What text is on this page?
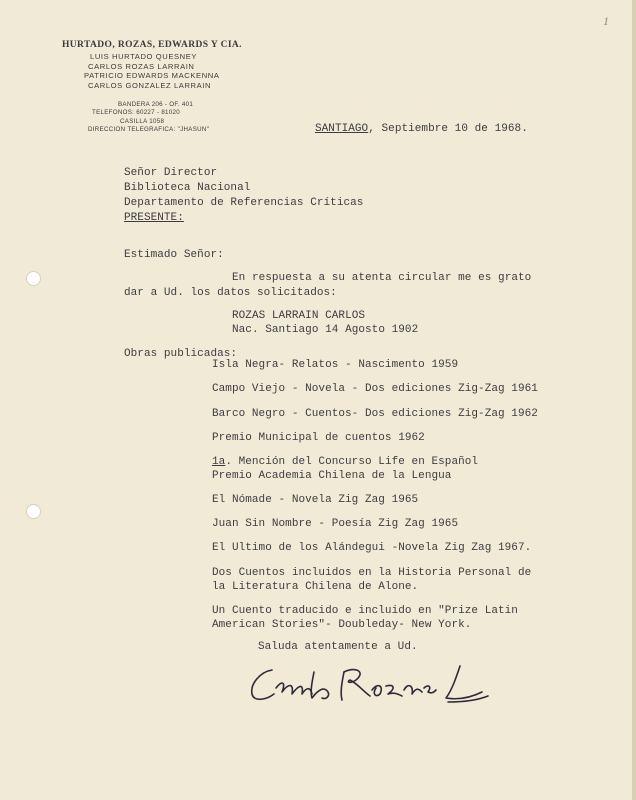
1
HURTADO, ROZAS, EDWARDS Y CIA.
LUIS HURTADO QUESNEY
CARLOS ROZAS LARRAIN
PATRICIO EDWARDS MACKENNA
CARLOS GONZALEZ LARRAIN
BANDERA 206 - OF. 401
TELEFONOS: 60227 - 81020
CASILLA 1058
DIRECCION TELEGRAFICA: "JHASUN"	SANTIAGO, Septiembre 10 de 1968.
Señor Director
Biblioteca Nacional
Departamento de Referencias Críticas
PRESENTE:
Estimado Señor:
En respuesta a su atenta circular me es grato
dar a Ud. los datos solicitados:
ROZAS LARRAIN CARLOS
Nac. Santiago 14 Agosto 1902
Obras publicadas:
Isla Negra- Relatos - Nascimento 1959
Campo Viejo - Novela - Dos ediciones Zig-Zag 1961
Barco Negro - Cuentos- Dos ediciones Zig-Zag 1962
Premio Municipal de cuentos 1962
1a. Mención del Concurso Life en Español
Premio Academia Chilena de la Lengua
El Nómade - Novela Zig Zag 1965
Juan Sin Nombre - Poesía Zig Zag 1965
El Ultimo de los Alándegui -Novela Zig Zag 1967.
Dos Cuentos incluidos en la Historia Personal de
la Literatura Chilena de Alone.
Un Cuento traducido e incluido en "Prize Latin
American Stories"- Doubleday- New York.
Saluda atentamente a Ud.
